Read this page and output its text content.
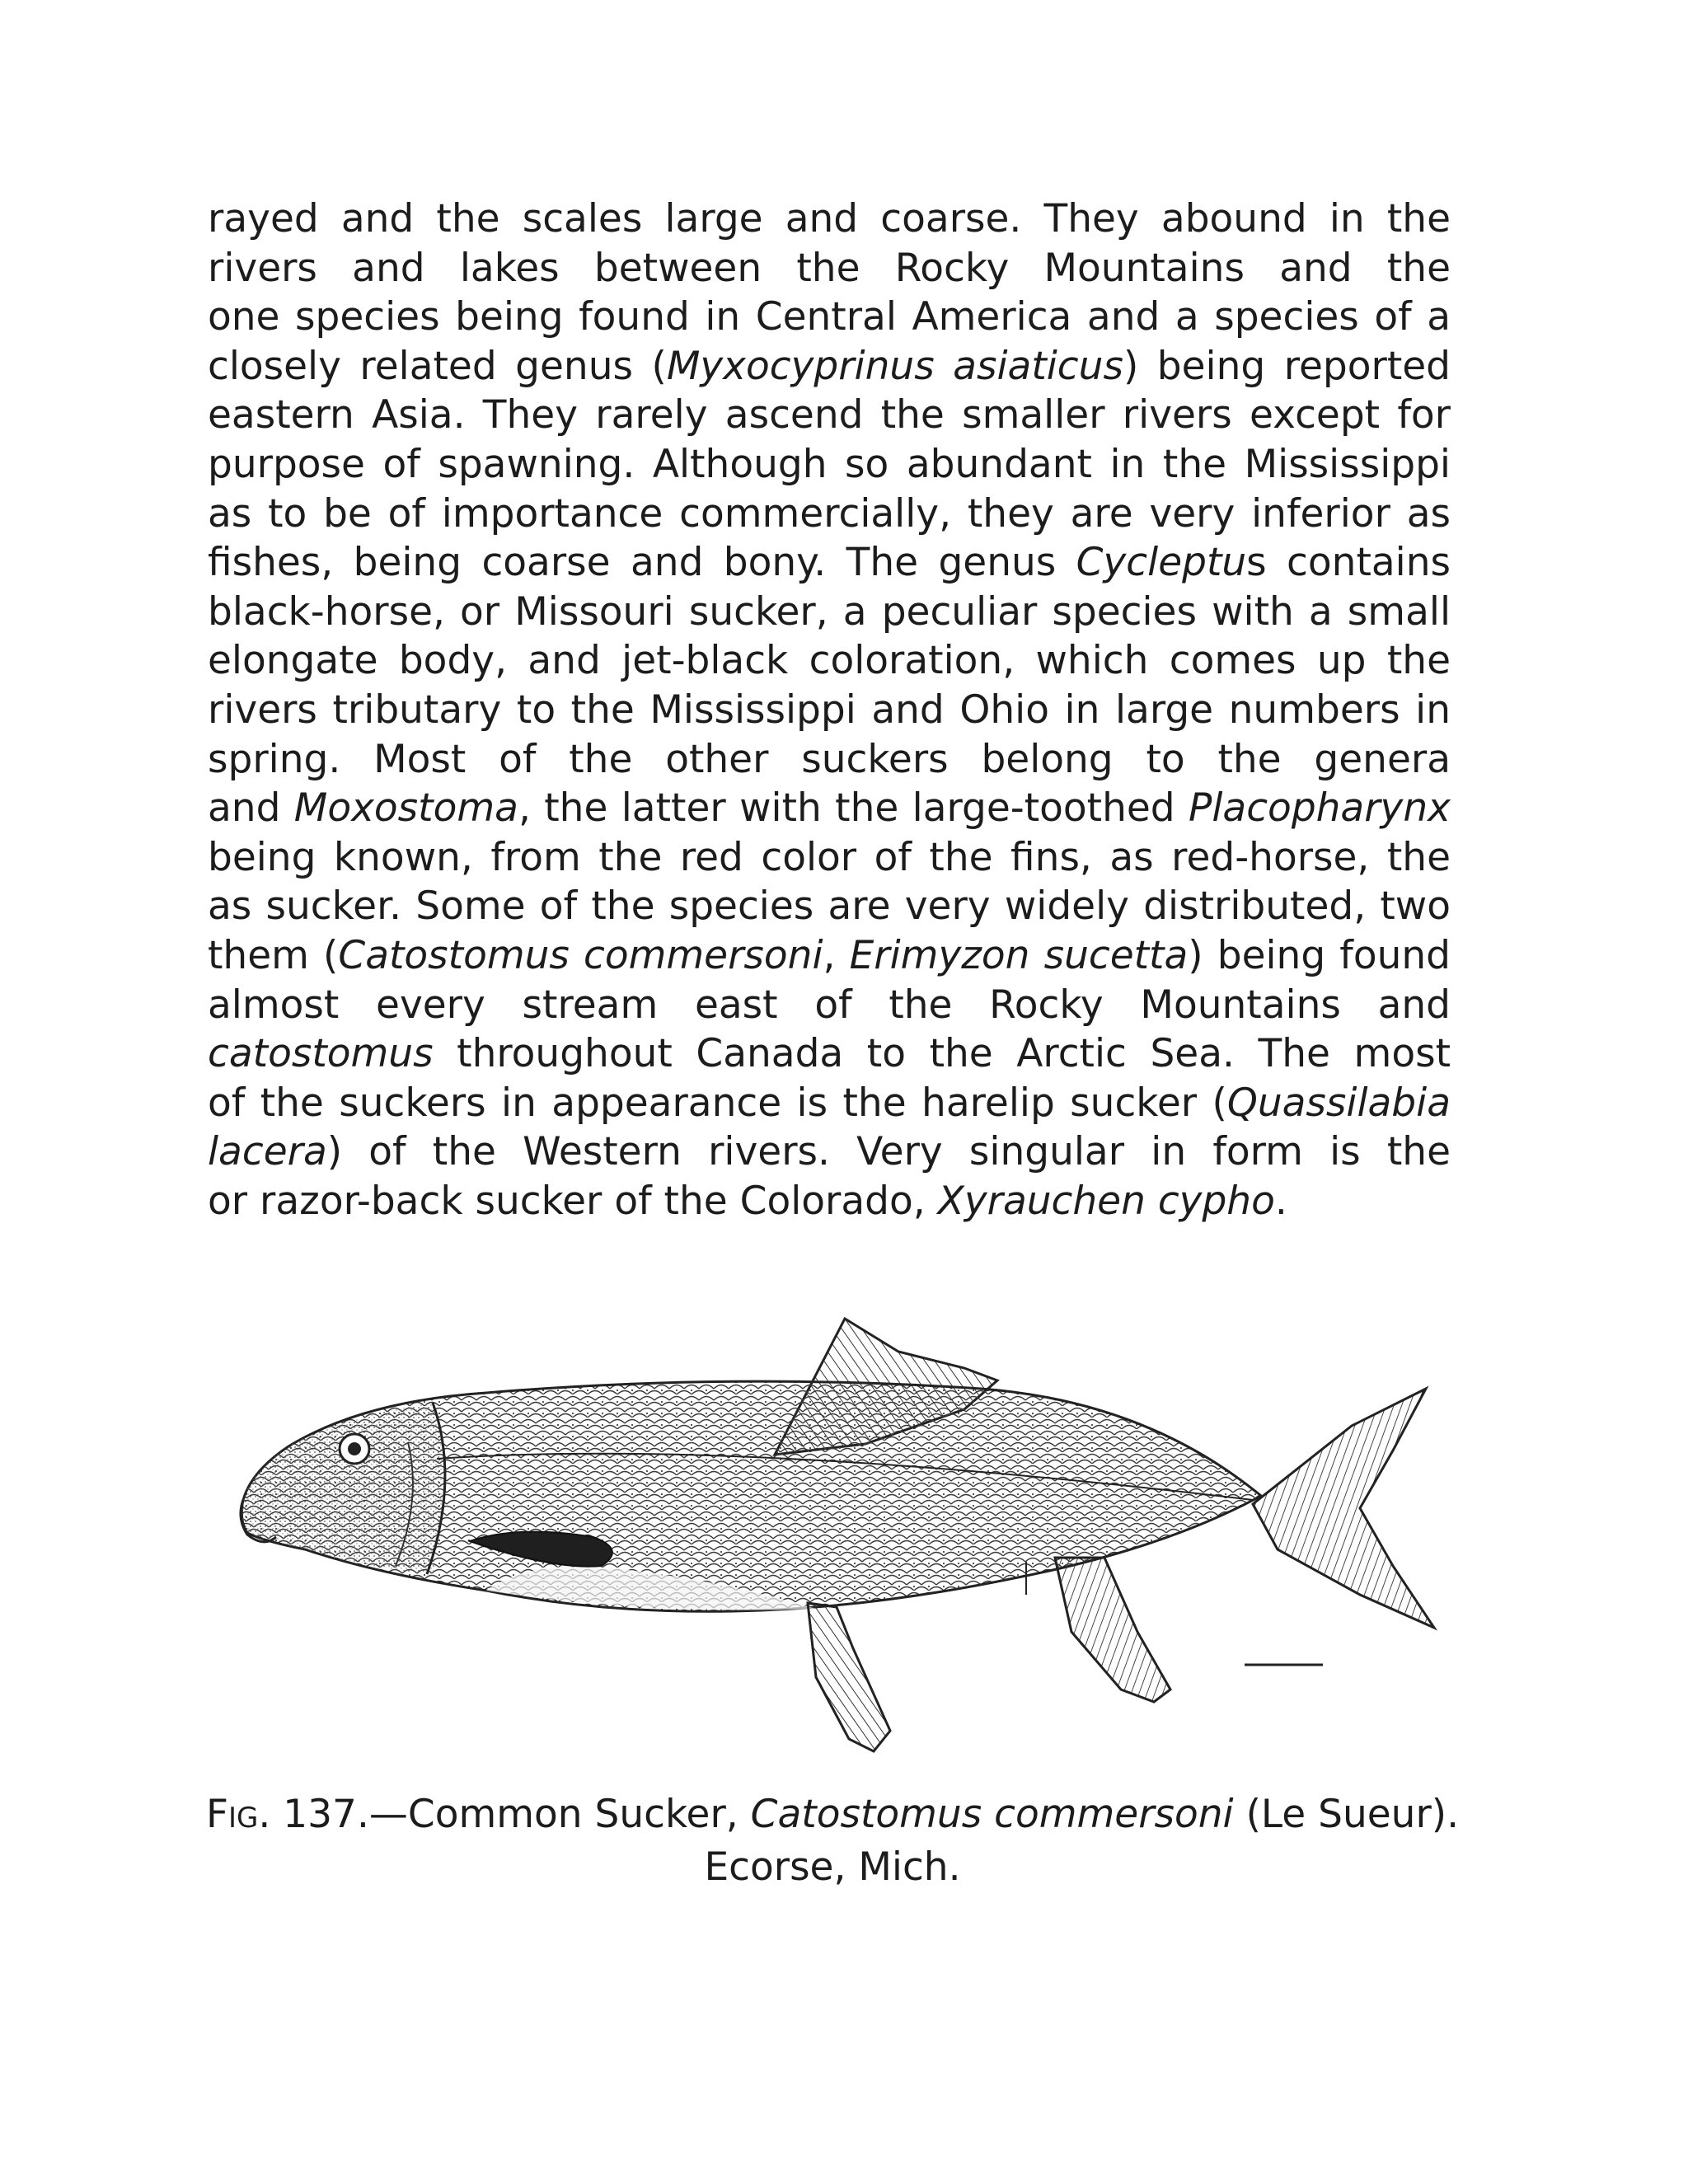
rayed and the scales large and coarse. They abound in the
rivers and lakes between the Rocky Mountains and the
one species being found in Central America and a species of a
closely related genus (Myxocyprinus asiaticus) being reported
eastern Asia. They rarely ascend the smaller rivers except for
purpose of spawning. Although so abundant in the Mississippi
as to be of importance commercially, they are very inferior as
fishes, being coarse and bony. The genus Cycleptus contains
black-horse, or Missouri sucker, a peculiar species with a small
elongate body, and jet-black coloration, which comes up the
rivers tributary to the Mississippi and Ohio in large numbers in
spring. Most of the other suckers belong to the genera
and Moxostoma, the latter with the large-toothed Placopharynx
being known, from the red color of the fins, as red-horse, the
as sucker. Some of the species are very widely distributed, two
them (Catostomus commersoni, Erimyzon sucetta) being found
almost every stream east of the Rocky Mountains and
catostomus throughout Canada to the Arctic Sea. The most
of the suckers in appearance is the harelip sucker (Quassilabia
lacera) of the Western rivers. Very singular in form is the
or razor-back sucker of the Colorado, Xyrauchen cypho.
FIG. 137.—Common Sucker, Catostomus commersoni (Le Sueur).
Ecorse, Mich.
